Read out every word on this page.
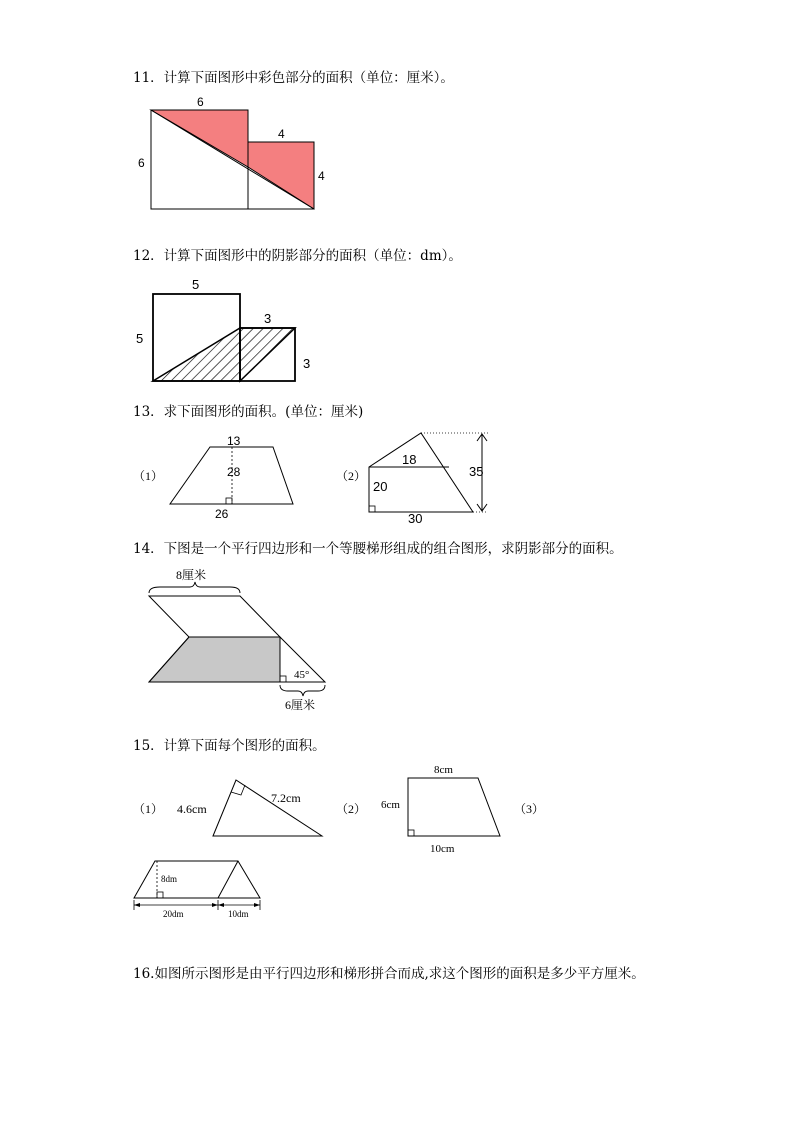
11．计算下面图形中彩色部分的面积（单位：厘米）。
6
6
4
4
12．计算下面图形中的阴影部分的面积（单位：dm）。
5
5
3
3
13．求下面图形的面积。(单位：厘米)
（1）
13
28
26
（2）
18
20
35
30
14．下图是一个平行四边形和一个等腰梯形组成的组合图形，求阴影部分的面积。
8厘米
45°
6厘米
15．计算下面每个图形的面积。
（1） 4.6cm
7.2cm
（2）
8cm
6cm
10cm
（3）
8dm
20dm	10dm
16.如图所示图形是由平行四边形和梯形拼合而成,求这个图形的面积是多少平方厘米。
